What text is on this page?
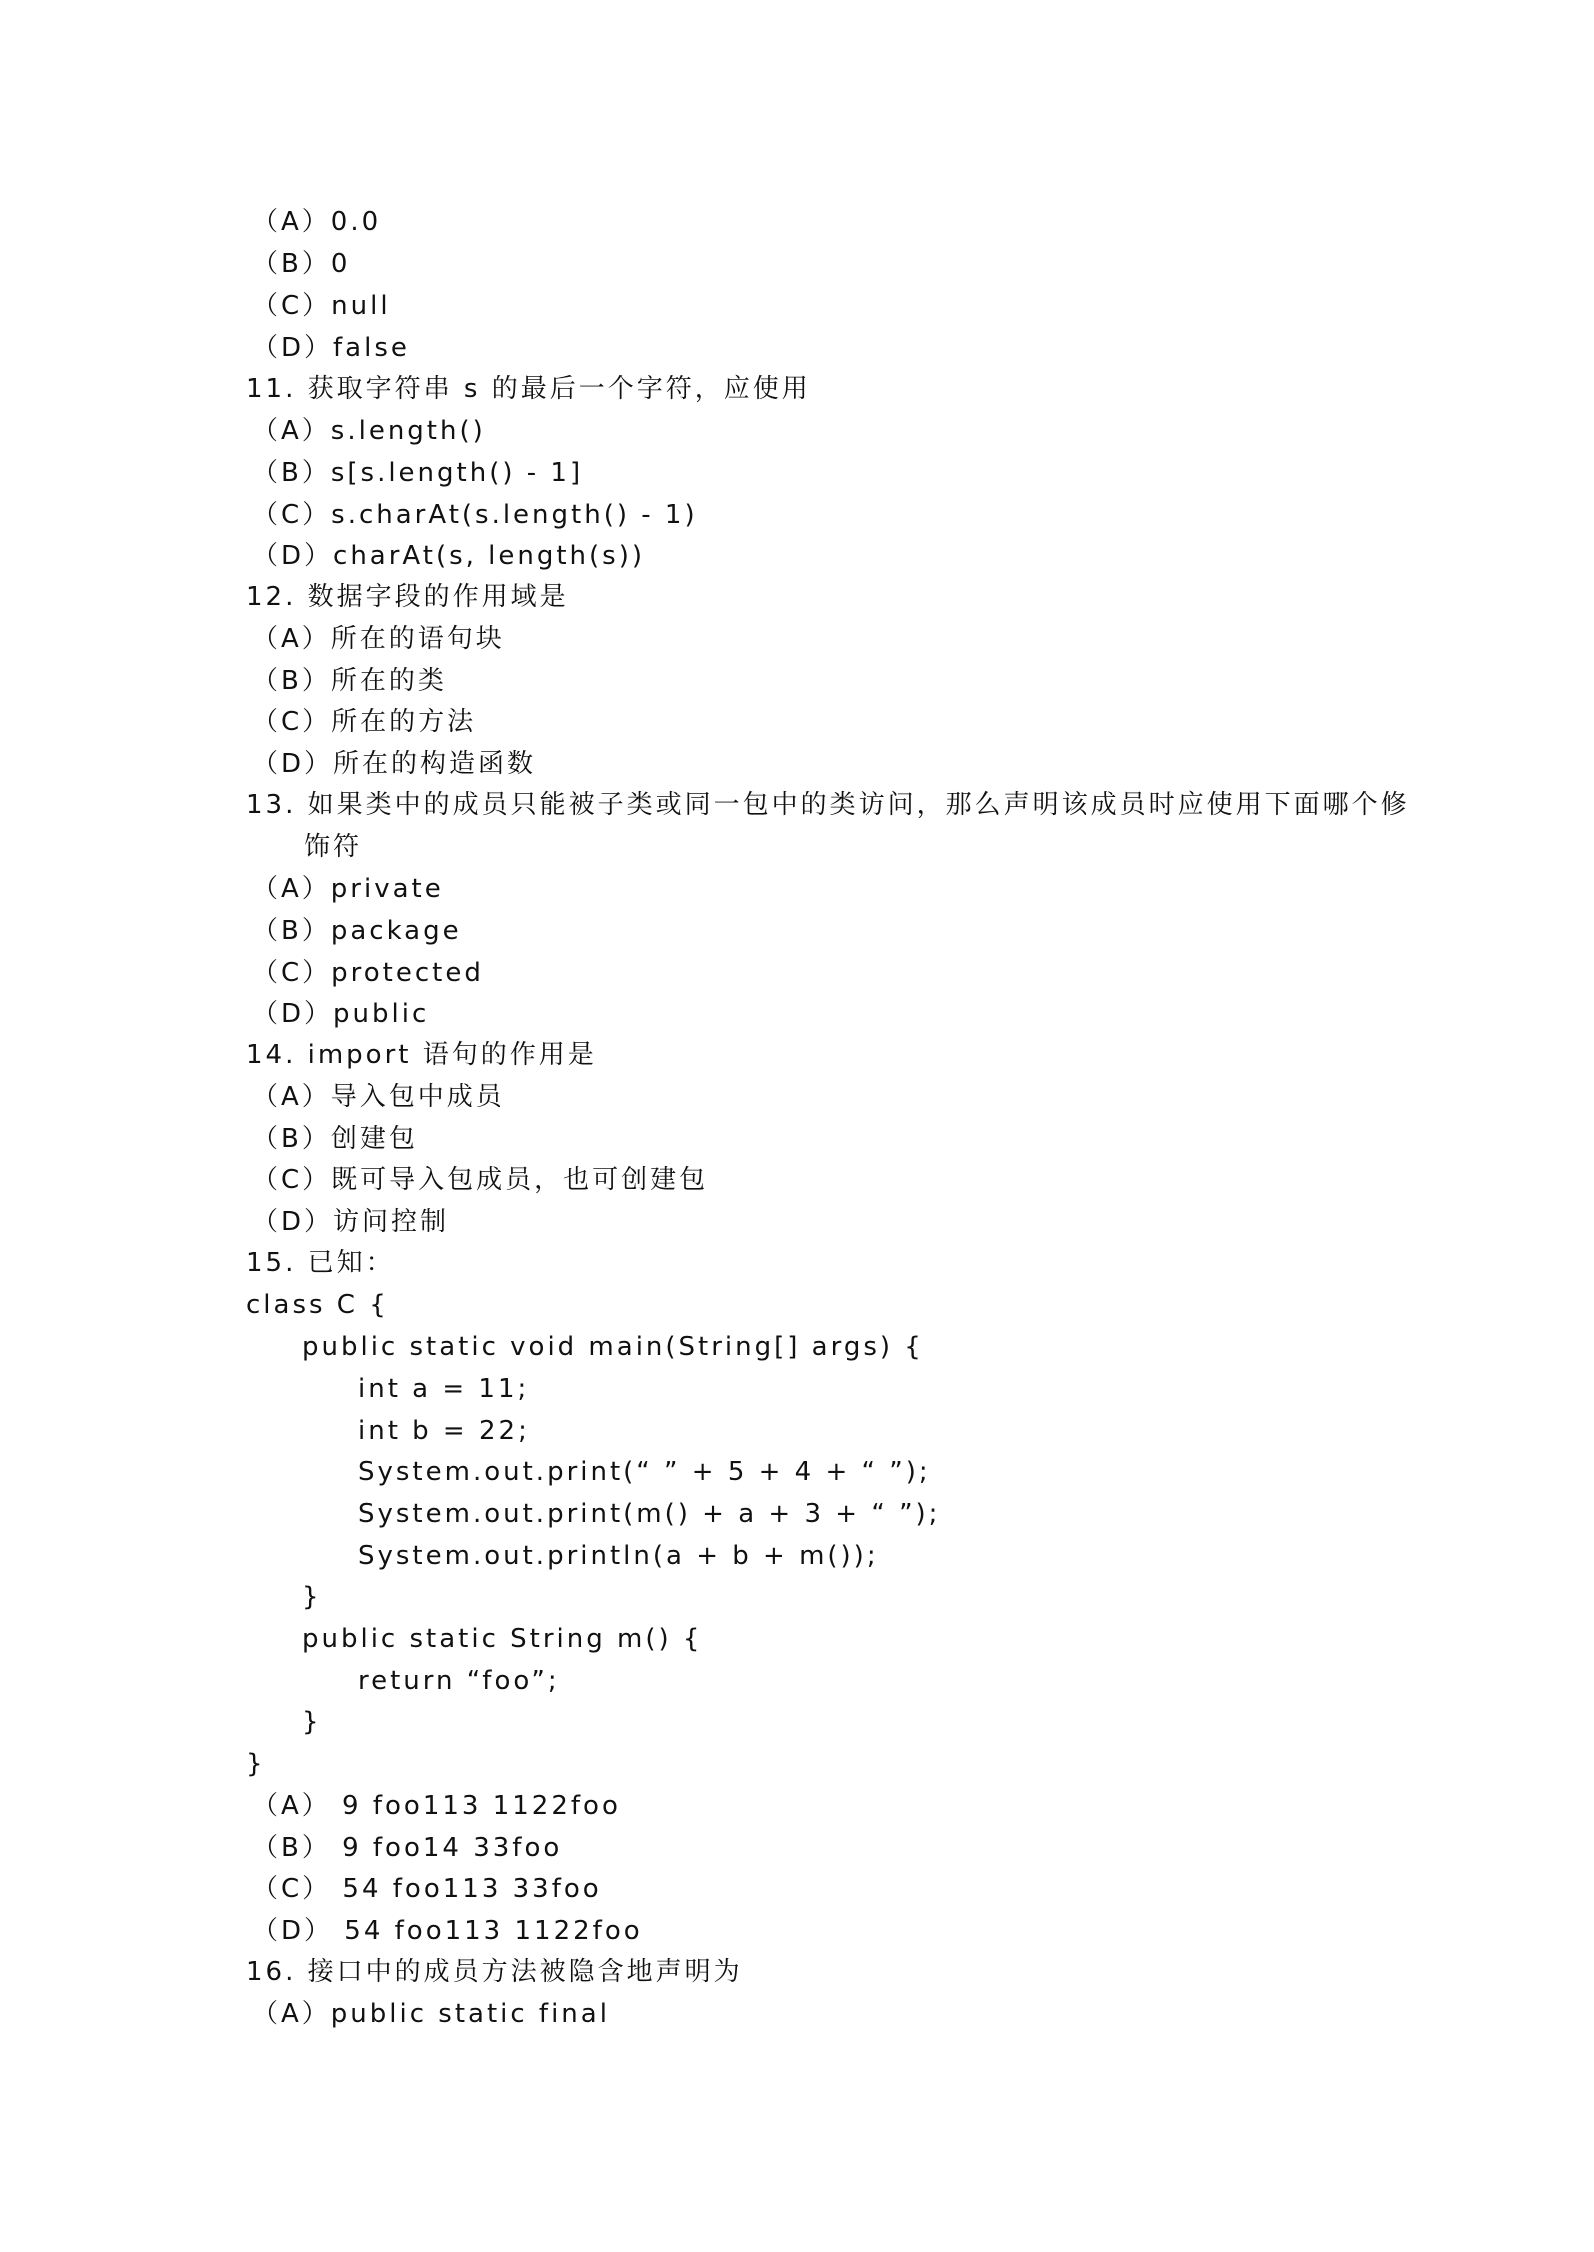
（A）0.0
（B）0
（C）null
（D）false
11. 获取字符串 s 的最后一个字符，应使用
（A）s.length()
（B）s[s.length() - 1]
（C）s.charAt(s.length() - 1)
（D）charAt(s, length(s))
12. 数据字段的作用域是
（A）所在的语句块
（B）所在的类
（C）所在的方法
（D）所在的构造函数
13. 如果类中的成员只能被子类或同一包中的类访问，那么声明该成员时应使用下面哪个修
饰符
（A）private
（B）package
（C）protected
（D）public
14. import 语句的作用是
（A）导入包中成员
（B）创建包
（C）既可导入包成员，也可创建包
（D）访问控制
15. 已知：
class C {
public static void main(String[] args) {
int a = 11;
int b = 22;
System.out.print(“ ” + 5 + 4 + “ ”);
System.out.print(m() + a + 3 + “ ”);
System.out.println(a + b + m());
}
public static String m() {
return “foo”;
}
}
（A） 9 foo113 1122foo
（B） 9 foo14 33foo
（C） 54 foo113 33foo
（D） 54 foo113 1122foo
16. 接口中的成员方法被隐含地声明为
（A）public static final
